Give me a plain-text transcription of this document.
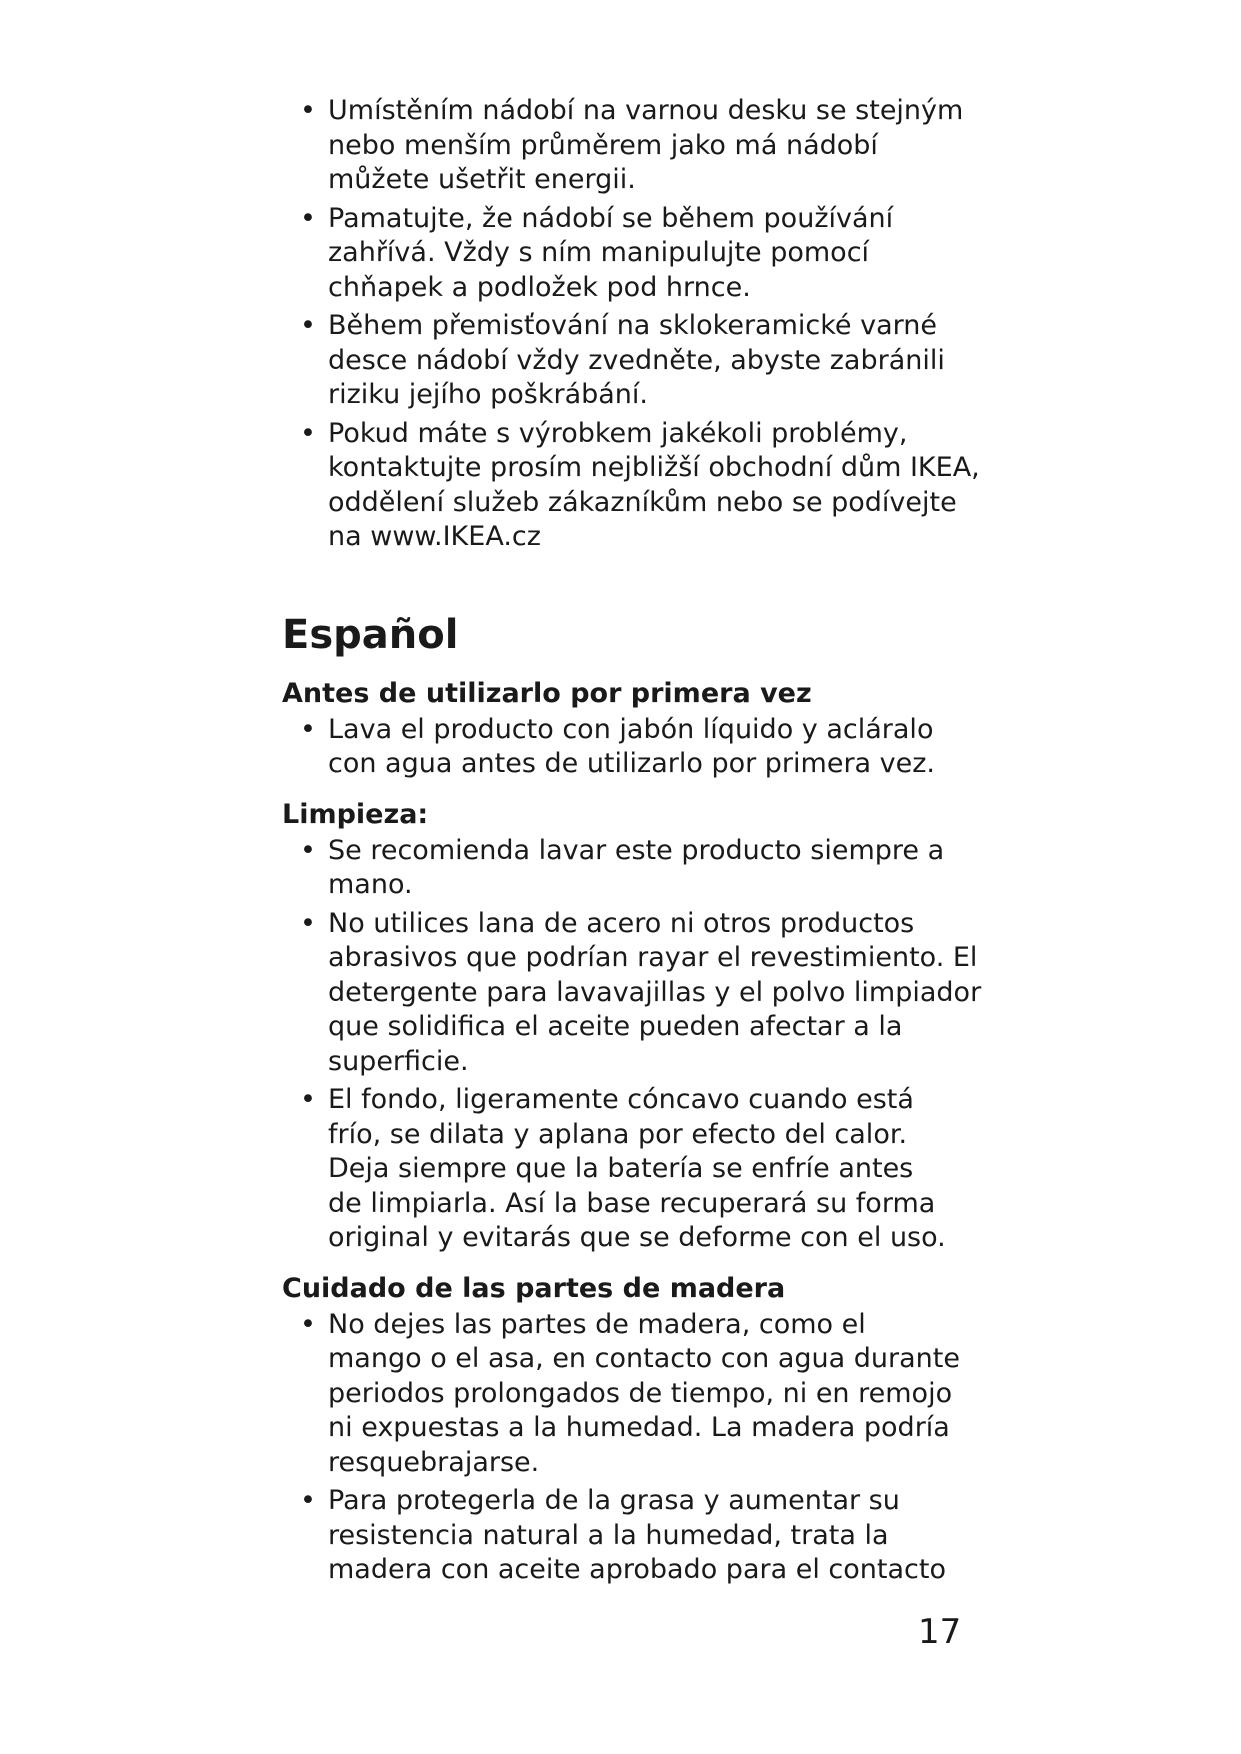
• Umístěním nádobí na varnou desku se stejným
nebo menším průměrem jako má nádobí
můžete ušetřit energii.
• Pamatujte, že nádobí se během používání
zahřívá. Vždy s ním manipulujte pomocí
chňapek a podložek pod hrnce.
• Během přemisťování na sklokeramické varné
desce nádobí vždy zvedněte, abyste zabránili
riziku jejího poškrábání.
• Pokud máte s výrobkem jakékoli problémy,
kontaktujte prosím nejbližší obchodní dům IKEA,
oddělení služeb zákazníkům nebo se podívejte
na www.IKEA.cz
Español
Antes de utilizarlo por primera vez
• Lava el producto con jabón líquido y acláralo
con agua antes de utilizarlo por primera vez.
Limpieza:
• Se recomienda lavar este producto siempre a
mano.
• No utilices lana de acero ni otros productos
abrasivos que podrían rayar el revestimiento. El
detergente para lavavajillas y el polvo limpiador
que solidifica el aceite pueden afectar a la
superficie.
• El fondo, ligeramente cóncavo cuando está
frío, se dilata y aplana por efecto del calor.
Deja siempre que la batería se enfríe antes
de limpiarla. Así la base recuperará su forma
original y evitarás que se deforme con el uso.
Cuidado de las partes de madera
• No dejes las partes de madera, como el
mango o el asa, en contacto con agua durante
periodos prolongados de tiempo, ni en remojo
ni expuestas a la humedad. La madera podría
resquebrajarse.
• Para protegerla de la grasa y aumentar su
resistencia natural a la humedad, trata la
madera con aceite aprobado para el contacto
17
